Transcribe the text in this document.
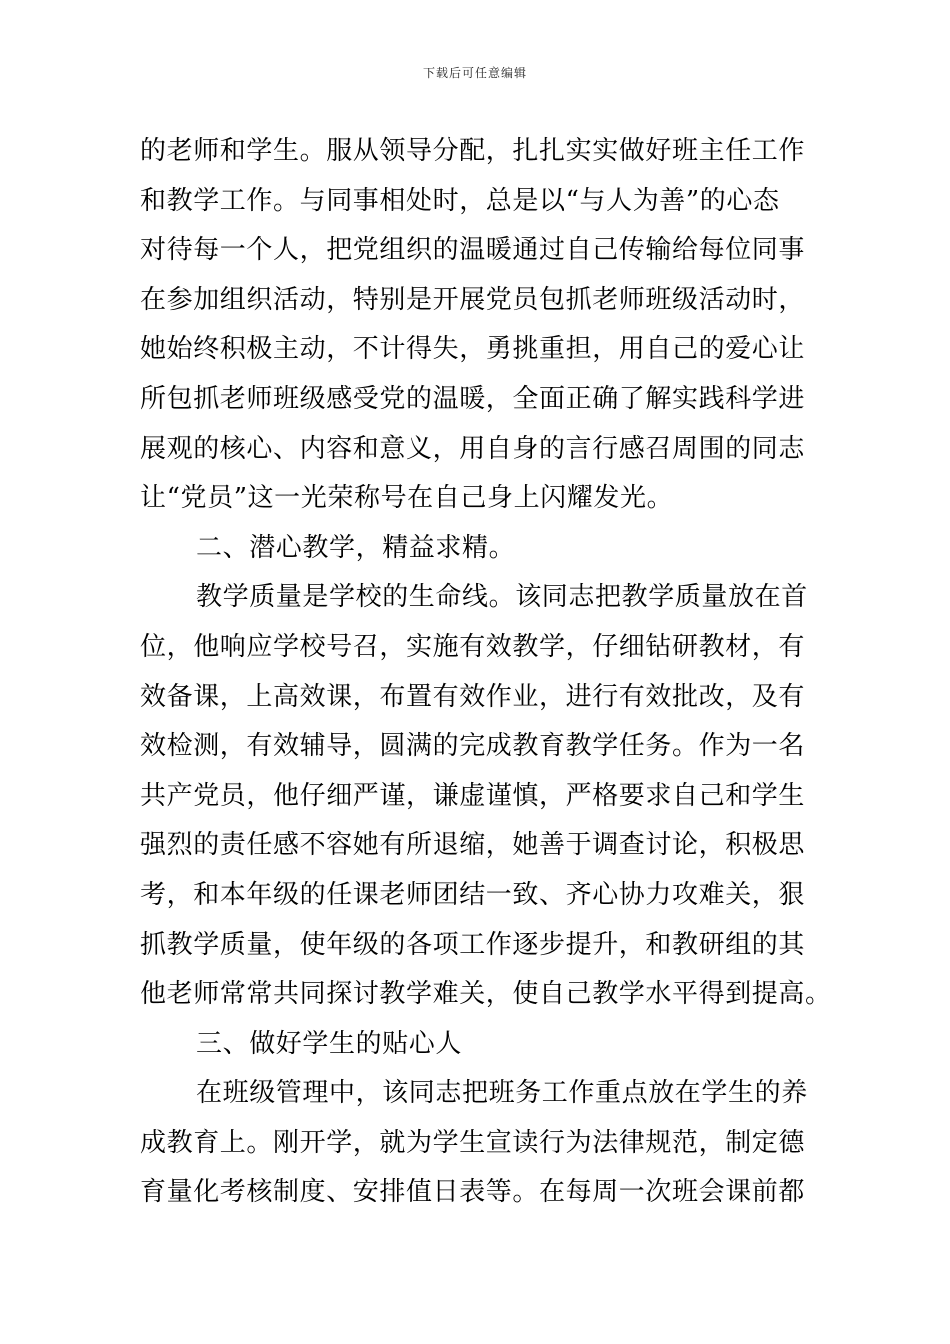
下载后可任意编辑
的老师和学生。服从领导分配，扎扎实实做好班主任工作
和教学工作。与同事相处时，总是以“与人为善”的心态
对待每一个人，把党组织的温暖通过自己传输给每位同事
在参加组织活动，特别是开展党员包抓老师班级活动时，
她始终积极主动，不计得失，勇挑重担，用自己的爱心让
所包抓老师班级感受党的温暖，全面正确了解实践科学进
展观的核心、内容和意义，用自身的言行感召周围的同志
让“党员”这一光荣称号在自己身上闪耀发光。
二、潜心教学，精益求精。
教学质量是学校的生命线。该同志把教学质量放在首
位，他响应学校号召，实施有效教学，仔细钻研教材，有
效备课，上高效课，布置有效作业，进行有效批改，及有
效检测，有效辅导，圆满的完成教育教学任务。作为一名
共产党员，他仔细严谨，谦虚谨慎，严格要求自己和学生
强烈的责任感不容她有所退缩，她善于调查讨论，积极思
考，和本年级的任课老师团结一致、齐心协力攻难关，狠
抓教学质量，使年级的各项工作逐步提升，和教研组的其
他老师常常共同探讨教学难关，使自己教学水平得到提高。
三、做好学生的贴心人
在班级管理中，该同志把班务工作重点放在学生的养
成教育上。刚开学，就为学生宣读行为法律规范，制定德
育量化考核制度、安排值日表等。在每周一次班会课前都
